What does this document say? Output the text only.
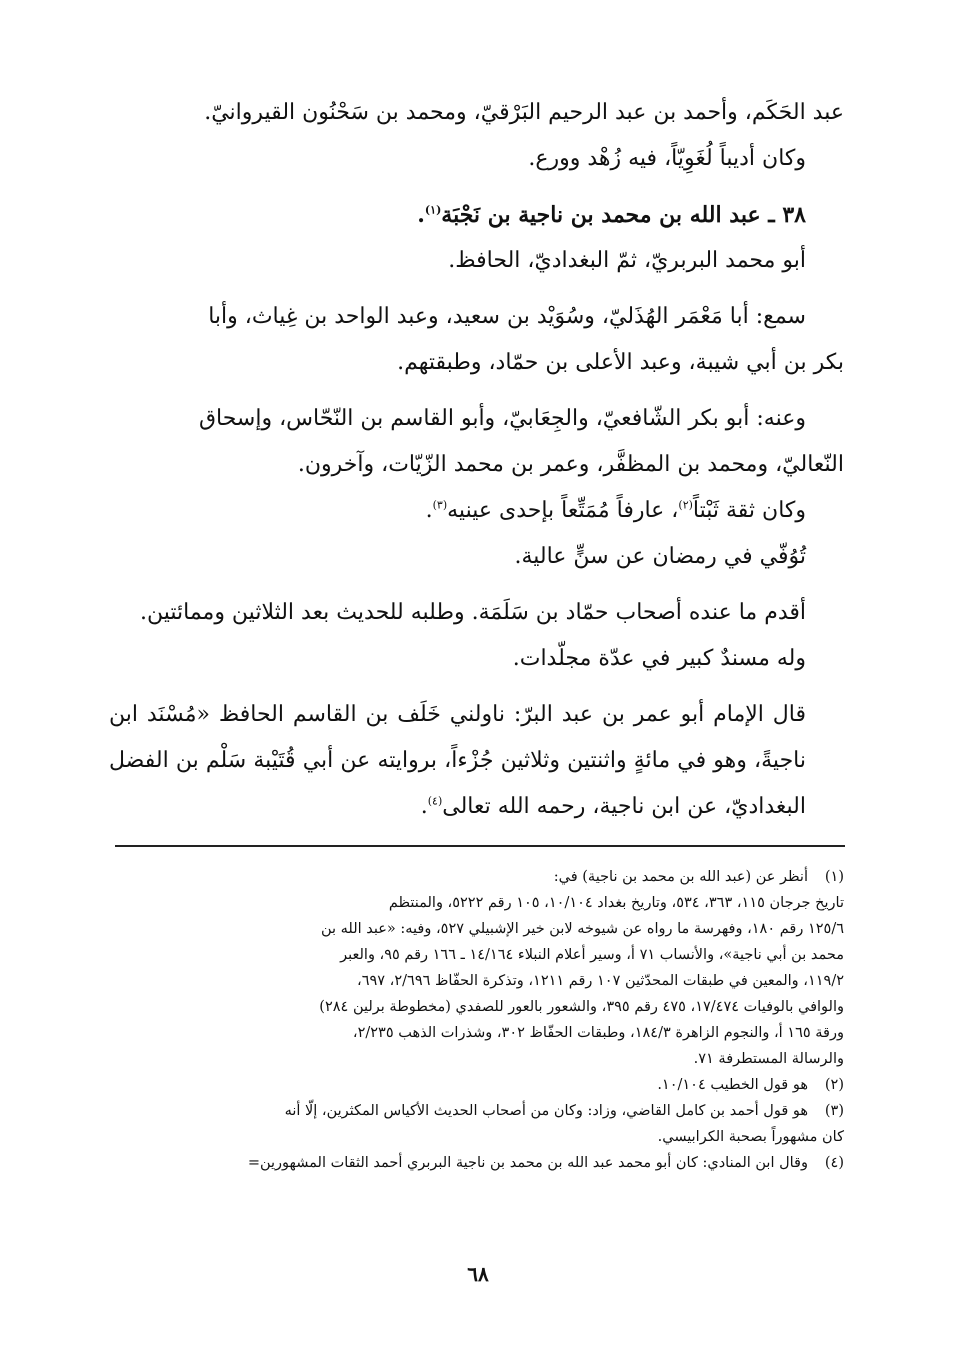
عبد الحَكَم، وأحمد بن عبد الرحيم البَرْقيّ، ومحمد بن سَحْنُون القيروانيّ.
وكان أديباً لُغَوِيّاً، فيه زُهْد وورع.
٣٨ ـ عبد الله بن محمد بن ناجية بن نَجْبَة$^{(١)}$.
أبو محمد البربريّ، ثمّ البغداديّ، الحافظ.
سمع: أبا مَعْمَر الهُذَليّ، وسُوَيْد بن سعيد، وعبد الواحد بن غِياث، وأبا
بكر بن أبي شيبة، وعبد الأعلى بن حمّاد، وطبقتهم.
وعنه: أبو بكر الشّافعيّ، والجِعَابيّ، وأبو القاسم بن النّحّاس، وإسحاق
النّعاليّ، ومحمد بن المظفَّر، وعمر بن محمد الزّيّات، وآخرون.
وكان ثقة ثَبْتاً$^{(٢)}$، عارفاً مُمَتِّعاً بإحدى عينيه$^{(٣)}$.
تُوُفّي في رمضان عن سنٍّ عالية.
أقدم ما عنده أصحاب حمّاد بن سَلَمَة. وطلبه للحديث بعد الثلاثين وممائتين.
وله مسندٌ كبير في عدّة مجلّدات.
قال الإمام أبو عمر بن عبد البرّ: ناولني خَلَف بن القاسم الحافظ «مُسْنَد ابن ناجيةً، وهو في مائةٍ واثنتين وثلاثين جُزْءاً، بروايته عن أبي قُتَيْبة سَلْم بن الفضل البغداديّ، عن ابن ناجية، رحمه الله تعالى$^{(٤)}$.
(١)أنظر عن (عبد الله بن محمد بن ناجية) في:
تاريخ جرجان ١١٥، ٣٦٣، ٥٣٤، وتاريخ بغداد ١٠/١٠٤، ١٠٥ رقم ٥٢٢٢، والمنتظم
١٢٥/٦ رقم ١٨٠، وفهرسة ما رواه عن شيوخه لابن خير الإشبيلي ٥٢٧، وفيه: «عبد الله بن
محمد بن أبي ناجية»، والأنساب ٧١ أ، وسير أعلام النبلاء ١٤/١٦٤ ـ ١٦٦ رقم ٩٥، والعبر
١١٩/٢، والمعين في طبقات المحدّثين ١٠٧ رقم ١٢١١، وتذكرة الحفّاظ ٢/٦٩٦، ٦٩٧،
والوافي بالوفيات ١٧/٤٧٤، ٤٧٥ رقم ٣٩٥، والشعور بالعور للصفدي (مخطوطة برلين ٢٨٤)
ورقة ١٦٥ أ، والنجوم الزاهرة ١٨٤/٣، وطبقات الحفّاظ ٣٠٢، وشذرات الذهب ٢/٢٣٥،
والرسالة المستطرفة ٧١.
(٢)هو قول الخطيب ١٠/١٠٤.
(٣)هو قول أحمد بن كامل القاضي، وزاد: وكان من أصحاب الحديث الأكياس المكثرين، إلّا أنه
كان مشهوراً بصحبة الكرابيسي.
(٤)وقال ابن المنادي: كان أبو محمد عبد الله بن محمد بن ناجية البربري أحمد الثقات المشهورين=
٦٨
